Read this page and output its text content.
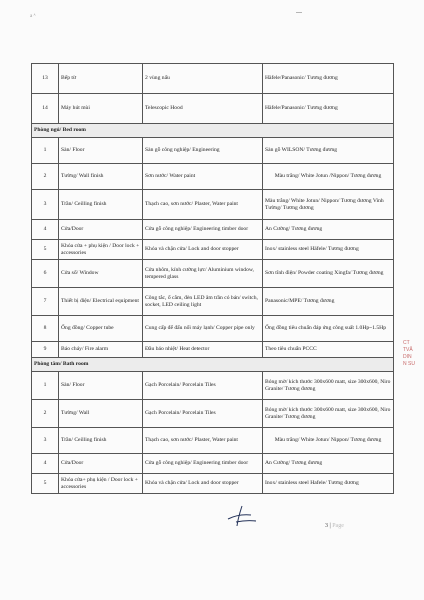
a ᴬ
13	Bếp từ	2 vùng nấu	Häfele/Panasonic/ Tương đương
14	Máy hút mùi	Telescopic Hood	Häfele/Panasonic/ Tương đương
Phòng ngủ/ Bed room			
1	Sàn/ Floor	Sàn gỗ công nghiệp/ Engineering	Sàn gỗ WILSON/ Tương đương
2	Tường/ Wall finish	Sơn nước/ Water paint	Màu trắng/ White Jotun /Nippon/ Tương đương
3	Trần/ Ceilling finish	Thạch cao, sơn nước/ Plaster, Water paint	Màu trắng/ White Jotun/ Nippon/ Tương đương Vinh Tường/ Tương đương
4	Cửa/Door	Cửa gỗ công nghiệp/ Engineering timber door	An Cường/ Tương đương
5	Khóa cửa + phụ kiện / Door lock + accessories	Khóa và chặn cửa/ Lock and door stopper	Inox/ stainless steel Häfele/ Tương đương
6	Cửa sổ/ Window	Cửa nhôm, kính cường lực/ Aluminium window, tempered glass	Sơn tĩnh điện/ Powder coating Xingfa/ Tương đương
7	Thiết bị điện/ Electrical equipment	Công tắc, ổ cắm, đèn LED âm trần có bán/ switch, socket, LED ceiling light	Panasonic/MPE/ Tương đương
8	Ống đồng/ Copper tube	Cung cấp để đấu nối máy lạnh/ Copper pipe only	Ống đồng tiêu chuẩn đáp ứng công suất 1.0Hp~1.5Hp
9	Báo cháy/ Fire alarm	Đầu báo nhiệt/ Heat detector	Theo tiêu chuẩn PCCC
Phòng tắm/ Bath room			
1	Sàn/ Floor	Gạch Porcelain/ Porcelain Tiles	Bóng mờ/ kích thước 300x600 matt, size 300x600, Niro Granite/ Tương đương
2	Tường/ Wall	Gạch Porcelain/ Porcelain Tiles	Bóng mờ/ kích thước 300x600 matt, size 300x600, Niro Granite/ Tương đương
3	Trần/ Ceilling finish	Thạch cao, sơn nước/ Plaster, Water paint	Màu trắng/ White Jotun/ Nippon/ Tương đương
4	Cửa/Door	Cửa gỗ công nghiệp/ Engineering timber door	An Cường/ Tương đương
5	Khóa cửa+ phụ kiện / Door lock + accessories	Khóa và chặn cửa/ Lock and door stopper	Inox/ stainless steel Hafele/ Tương đương
CT
TVÂ
DIN
N SU
3 | Page
